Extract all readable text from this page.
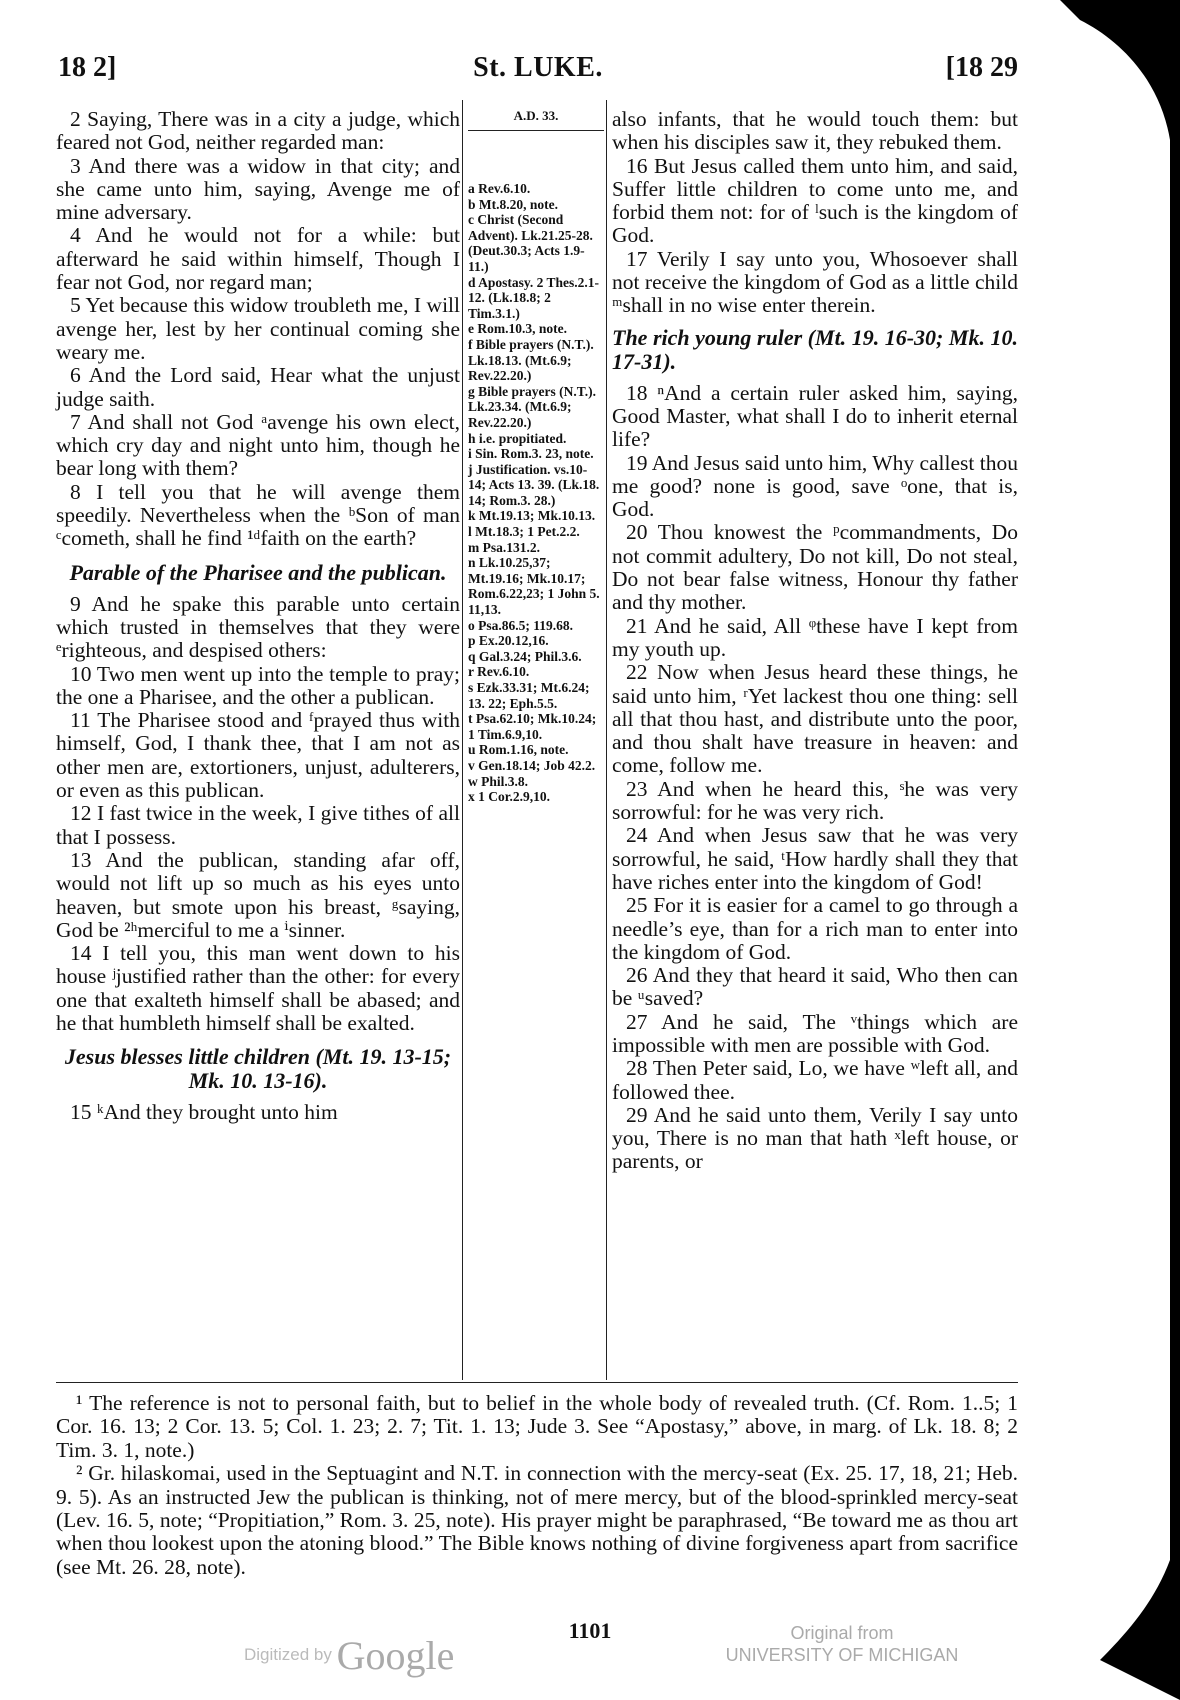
18 2]	St. LUKE.	[18 29

2 Saying, There was in a city a judge, which feared not God, neither regarded man:

3 And there was a widow in that city; and she came unto him, saying, Avenge me of mine adversary.

4 And he would not for a while: but afterward he said within himself, Though I fear not God, nor regard man;

5 Yet because this widow troubleth me, I will avenge her, lest by her continual coming she weary me.

6 And the Lord said, Hear what the unjust judge saith.

7 And shall not God ᵃavenge his own elect, which cry day and night unto him, though he bear long with them?

8 I tell you that he will avenge them speedily. Nevertheless when the ᵇSon of man ᶜcometh, shall he find ¹ᵈfaith on the earth?

Parable of the Pharisee and the publican.

9 And he spake this parable unto certain which trusted in themselves that they were ᵉrighteous, and despised others:

10 Two men went up into the temple to pray; the one a Pharisee, and the other a publican.

11 The Pharisee stood and ᶠprayed thus with himself, God, I thank thee, that I am not as other men are, extortioners, unjust, adulterers, or even as this publican.

12 I fast twice in the week, I give tithes of all that I possess.

13 And the publican, standing afar off, would not lift up so much as his eyes unto heaven, but smote upon his breast, ᵍsaying, God be ²ʰmerciful to me a ⁱsinner.

14 I tell you, this man went down to his house ʲjustified rather than the other: for every one that exalteth himself shall be abased; and he that humbleth himself shall be exalted.

Jesus blesses little children (Mt. 19. 13-15; Mk. 10. 13-16).

15 ᵏAnd they brought unto him

A.D. 33.
a Rev.6.10.
b Mt.8.20, note.
c Christ (Second Advent). Lk.21.25-28. (Deut.30.3; Acts 1.9-11.)
d Apostasy. 2 Thes.2.1-12. (Lk.18.8; 2 Tim.3.1.)
e Rom.10.3, note.
f Bible prayers (N.T.). Lk.18.13. (Mt.6.9; Rev.22.20.)
g Bible prayers (N.T.). Lk.23.34. (Mt.6.9; Rev.22.20.)
h i.e. propitiated.
i Sin. Rom.3. 23, note.
j Justification. vs.10-14; Acts 13. 39. (Lk.18. 14; Rom.3. 28.)
k Mt.19.13; Mk.10.13.
l Mt.18.3; 1 Pet.2.2.
m Psa.131.2.
n Lk.10.25,37; Mt.19.16; Mk.10.17; Rom.6.22,23; 1 John 5. 11,13.
o Psa.86.5; 119.68.
p Ex.20.12,16.
q Gal.3.24; Phil.3.6.
r Rev.6.10.
s Ezk.33.31; Mt.6.24; 13. 22; Eph.5.5.
t Psa.62.10; Mk.10.24; 1 Tim.6.9,10.
u Rom.1.16, note.
v Gen.18.14; Job 42.2.
w Phil.3.8.
x 1 Cor.2.9,10.

also infants, that he would touch them: but when his disciples saw it, they rebuked them.

16 But Jesus called them unto him, and said, Suffer little children to come unto me, and forbid them not: for of ˡsuch is the kingdom of God.

17 Verily I say unto you, Whosoever shall not receive the kingdom of God as a little child ᵐshall in no wise enter therein.

The rich young ruler (Mt. 19. 16-30; Mk. 10. 17-31).

18 ⁿAnd a certain ruler asked him, saying, Good Master, what shall I do to inherit eternal life?

19 And Jesus said unto him, Why callest thou me good? none is good, save ᵒone, that is, God.

20 Thou knowest the ᵖcommandments, Do not commit adultery, Do not kill, Do not steal, Do not bear false witness, Honour thy father and thy mother.

21 And he said, All ᵠthese have I kept from my youth up.

22 Now when Jesus heard these things, he said unto him, ʳYet lackest thou one thing: sell all that thou hast, and distribute unto the poor, and thou shalt have treasure in heaven: and come, follow me.

23 And when he heard this, ˢhe was very sorrowful: for he was very rich.

24 And when Jesus saw that he was very sorrowful, he said, ᵗHow hardly shall they that have riches enter into the kingdom of God!

25 For it is easier for a camel to go through a needle’s eye, than for a rich man to enter into the kingdom of God.

26 And they that heard it said, Who then can be ᵘsaved?

27 And he said, The ᵛthings which are impossible with men are possible with God.

28 Then Peter said, Lo, we have ʷleft all, and followed thee.

29 And he said unto them, Verily I say unto you, There is no man that hath ˣleft house, or parents, or

¹ The reference is not to personal faith, but to belief in the whole body of revealed truth. (Cf. Rom. 1..5; 1 Cor. 16. 13; 2 Cor. 13. 5; Col. 1. 23; 2. 7; Tit. 1. 13; Jude 3. See “Apostasy,” above, in marg. of Lk. 18. 8; 2 Tim. 3. 1, note.)

² Gr. hilaskomai, used in the Septuagint and N.T. in connection with the mercy-seat (Ex. 25. 17, 18, 21; Heb. 9. 5). As an instructed Jew the publican is thinking, not of mere mercy, but of the blood-sprinkled mercy-seat (Lev. 16. 5, note; “Propitiation,” Rom. 3. 25, note). His prayer might be paraphrased, “Be toward me as thou art when thou lookest upon the atoning blood.” The Bible knows nothing of divine forgiveness apart from sacrifice (see Mt. 26. 28, note).

1101
Digitized by Google	Original from
UNIVERSITY OF MICHIGAN
